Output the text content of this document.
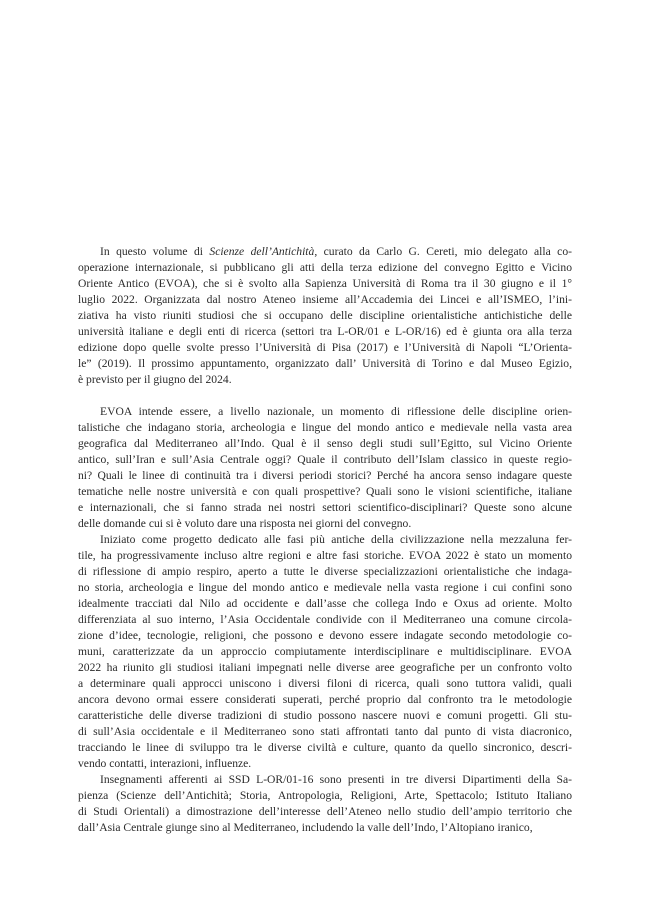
In questo volume di Scienze dell’Antichità, curato da Carlo G. Cereti, mio delegato alla co-
operazione internazionale, si pubblicano gli atti della terza edizione del convegno Egitto e Vicino
Oriente Antico (EVOA), che si è svolto alla Sapienza Università di Roma tra il 30 giugno e il 1°
luglio 2022. Organizzata dal nostro Ateneo insieme all’Accademia dei Lincei e all’ISMEO, l’ini-
ziativa ha visto riuniti studiosi che si occupano delle discipline orientalistiche antichistiche delle
università italiane e degli enti di ricerca (settori tra L-OR/01 e L-OR/16) ed è giunta ora alla terza
edizione dopo quelle svolte presso l’Università di Pisa (2017) e l’Università di Napoli “L’Orienta-
le” (2019). Il prossimo appuntamento, organizzato dall’ Università di Torino e dal Museo Egizio,
è previsto per il giugno del 2024.
EVOA intende essere, a livello nazionale, un momento di riflessione delle discipline orien-
talistiche che indagano storia, archeologia e lingue del mondo antico e medievale nella vasta area
geografica dal Mediterraneo all’Indo. Qual è il senso degli studi sull’Egitto, sul Vicino Oriente
antico, sull’Iran e sull’Asia Centrale oggi? Quale il contributo dell’Islam classico in queste regio-
ni? Quali le linee di continuità tra i diversi periodi storici? Perché ha ancora senso indagare queste
tematiche nelle nostre università e con quali prospettive? Quali sono le visioni scientifiche, italiane
e internazionali, che si fanno strada nei nostri settori scientifico-disciplinari? Queste sono alcune
delle domande cui si è voluto dare una risposta nei giorni del convegno.
Iniziato come progetto dedicato alle fasi più antiche della civilizzazione nella mezzaluna fer-
tile, ha progressivamente incluso altre regioni e altre fasi storiche. EVOA 2022 è stato un momento
di riflessione di ampio respiro, aperto a tutte le diverse specializzazioni orientalistiche che indaga-
no storia, archeologia e lingue del mondo antico e medievale nella vasta regione i cui confini sono
idealmente tracciati dal Nilo ad occidente e dall’asse che collega Indo e Oxus ad oriente. Molto
differenziata al suo interno, l’Asia Occidentale condivide con il Mediterraneo una comune circola-
zione d’idee, tecnologie, religioni, che possono e devono essere indagate secondo metodologie co-
muni, caratterizzate da un approccio compiutamente interdisciplinare e multidisciplinare. EVOA
2022 ha riunito gli studiosi italiani impegnati nelle diverse aree geografiche per un confronto volto
a determinare quali approcci uniscono i diversi filoni di ricerca, quali sono tuttora validi, quali
ancora devono ormai essere considerati superati, perché proprio dal confronto tra le metodologie
caratteristiche delle diverse tradizioni di studio possono nascere nuovi e comuni progetti. Gli stu-
di sull’Asia occidentale e il Mediterraneo sono stati affrontati tanto dal punto di vista diacronico,
tracciando le linee di sviluppo tra le diverse civiltà e culture, quanto da quello sincronico, descri-
vendo contatti, interazioni, influenze.
Insegnamenti afferenti ai SSD L-OR/01-16 sono presenti in tre diversi Dipartimenti della Sa-
pienza (Scienze dell’Antichità; Storia, Antropologia, Religioni, Arte, Spettacolo; Istituto Italiano
di Studi Orientali) a dimostrazione dell’interesse dell’Ateneo nello studio dell’ampio territorio che
dall’Asia Centrale giunge sino al Mediterraneo, includendo la valle dell’Indo, l’Altopiano iranico,
